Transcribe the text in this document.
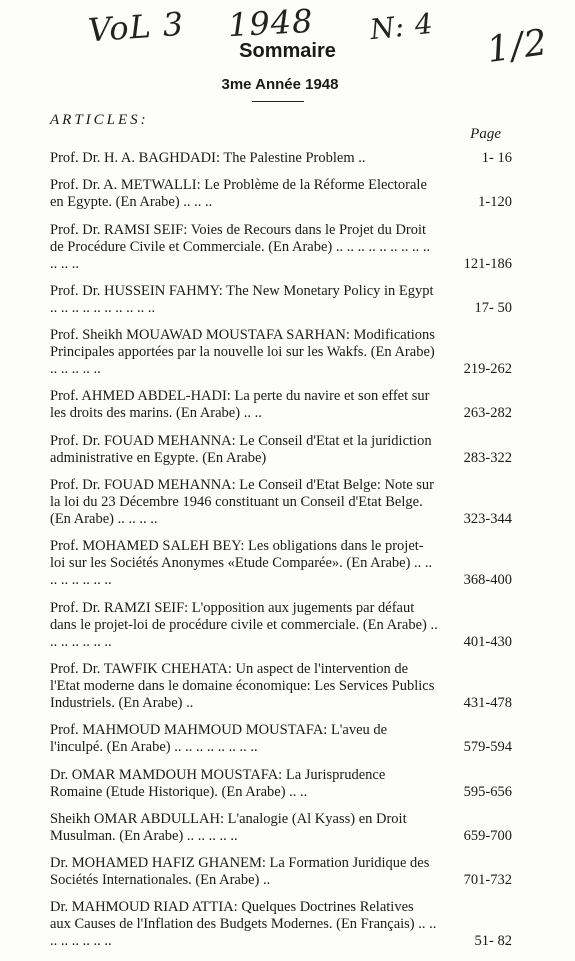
VoL 3 1948 N: 4 1/2
Sommaire
3me Année 1948
ARTICLES:
Page
Prof. Dr. H. A. BAGHDADI: The Palestine Problem ..	1- 16
Prof. Dr. A. METWALLI: Le Problème de la Réforme Electorale en Egypte. (En Arabe) .. .. ..	1-120
Prof. Dr. RAMSI SEIF: Voies de Recours dans le Projet du Droit de Procédure Civile et Commerciale. (En Arabe) .. .. .. .. .. .. .. .. .. .. .. ..	121-186
Prof. Dr. HUSSEIN FAHMY: The New Monetary Policy in Egypt .. .. .. .. .. .. .. .. .. ..	17- 50
Prof. Sheikh MOUAWAD MOUSTAFA SARHAN: Modifications Principales apportées par la nouvelle loi sur les Wakfs. (En Arabe) .. .. .. .. ..	219-262
Prof. AHMED ABDEL-HADI: La perte du navire et son effet sur les droits des marins. (En Arabe) .. ..	263-282
Prof. Dr. FOUAD MEHANNA: Le Conseil d'Etat et la juridiction administrative en Egypte. (En Arabe)	283-322
Prof. Dr. FOUAD MEHANNA: Le Conseil d'Etat Belge: Note sur la loi du 23 Décembre 1946 constituant un Conseil d'Etat Belge. (En Arabe) .. .. .. ..	323-344
Prof. MOHAMED SALEH BEY: Les obligations dans le projet-loi sur les Sociétés Anonymes «Etude Comparée». (En Arabe) .. .. .. .. .. .. .. ..	368-400
Prof. Dr. RAMZI SEIF: L'opposition aux jugements par défaut dans le projet-loi de procédure civile et commerciale. (En Arabe) .. .. .. .. .. .. ..	401-430
Prof. Dr. TAWFIK CHEHATA: Un aspect de l'intervention de l'Etat moderne dans le domaine économique: Les Services Publics Industriels. (En Arabe) ..	431-478
Prof. MAHMOUD MAHMOUD MOUSTAFA: L'aveu de l'inculpé. (En Arabe) .. .. .. .. .. .. .. ..	579-594
Dr. OMAR MAMDOUH MOUSTAFA: La Jurisprudence Romaine (Etude Historique). (En Arabe) .. ..	595-656
Sheikh OMAR ABDULLAH: L'analogie (Al Kyass) en Droit Musulman. (En Arabe) .. .. .. .. ..	659-700
Dr. MOHAMED HAFIZ GHANEM: La Formation Juridique des Sociétés Internationales. (En Arabe) ..	701-732
Dr. MAHMOUD RIAD ATTIA: Quelques Doctrines Relatives aux Causes de l'Inflation des Budgets Modernes. (En Français) .. .. .. .. .. .. .. ..	51- 82
